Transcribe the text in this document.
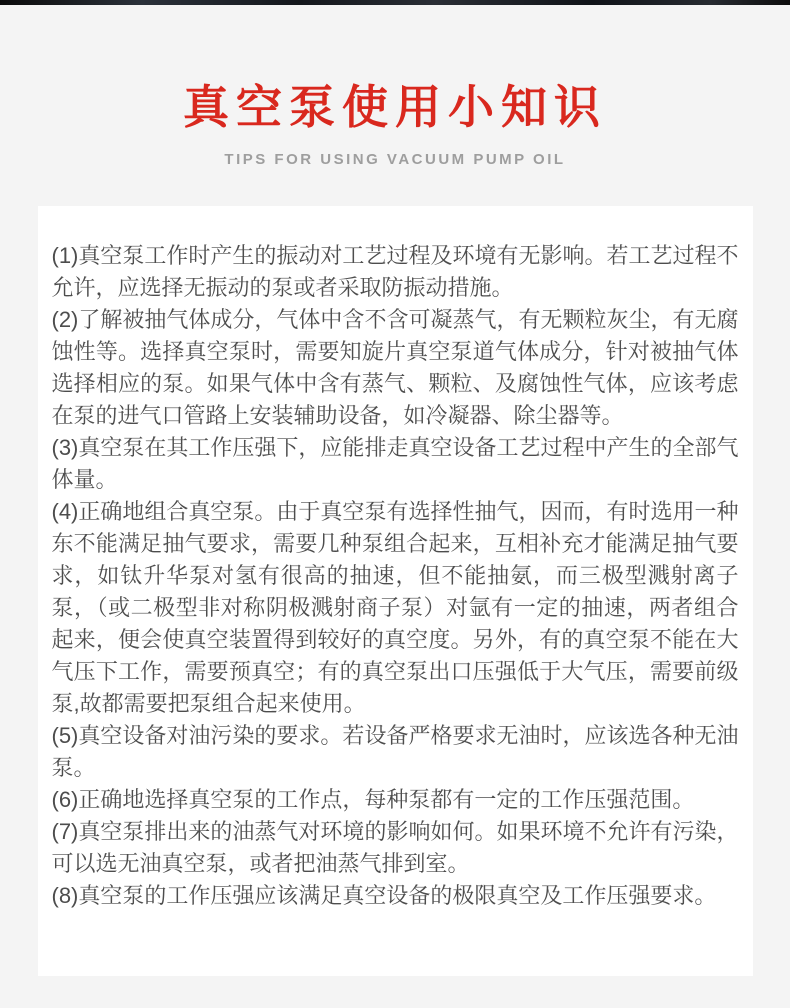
真空泵使用小知识
TIPS FOR USING VACUUM PUMP OIL

(1)真空泵工作时产生的振动对工艺过程及环境有无影响。若工艺过程不允许，应选择无振动的泵或者采取防振动措施。

(2)了解被抽气体成分，气体中含不含可凝蒸气，有无颗粒灰尘，有无腐蚀性等。选择真空泵时，需要知旋片真空泵道气体成分，针对被抽气体选择相应的泵。如果气体中含有蒸气、颗粒、及腐蚀性气体，应该考虑在泵的进气口管路上安装辅助设备，如冷凝器、除尘器等。

(3)真空泵在其工作压强下，应能排走真空设备工艺过程中产生的全部气体量。

(4)正确地组合真空泵。由于真空泵有选择性抽气，因而，有时选用一种东不能满足抽气要求，需要几种泵组合起来，互相补充才能满足抽气要求，如钛升华泵对氢有很高的抽速，但不能抽氨，而三极型溅射离子泵，（或二极型非对称阴极溅射商子泵）对氩有一定的抽速，两者组合起来，便会使真空装置得到较好的真空度。另外，有的真空泵不能在大气压下工作，需要预真空；有的真空泵出口压强低于大气压，需要前级泵,故都需要把泵组合起来使用。

(5)真空设备对油污染的要求。若设备严格要求无油时，应该选各种无油泵。

(6)正确地选择真空泵的工作点，每种泵都有一定的工作压强范围。

(7)真空泵排出来的油蒸气对环境的影响如何。如果环境不允许有污染，可以选无油真空泵，或者把油蒸气排到室。

(8)真空泵的工作压强应该满足真空设备的极限真空及工作压强要求。
